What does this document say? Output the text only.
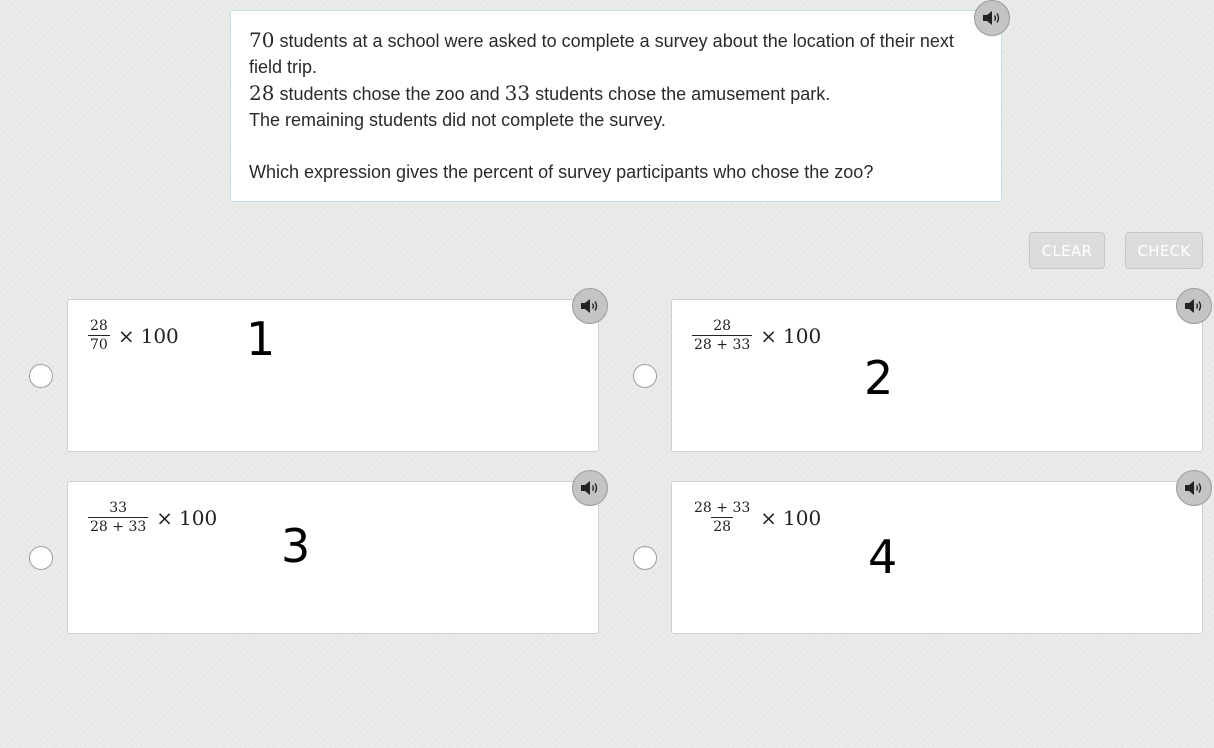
70 students at a school were asked to complete a survey about the location of their next field trip.

28 students chose the zoo and 33 students chose the amusement park.

The remaining students did not complete the survey.

Which expression gives the percent of survey participants who chose the zoo?

CLEAR	CHECK
$\frac{28}{70} \times 100$ 1	$\frac{28}{28 + 33} \times 100$
2
$\frac{33}{28 + 33} \times 100$
3
$\frac{28 + 33}{28} \times 100$
4
